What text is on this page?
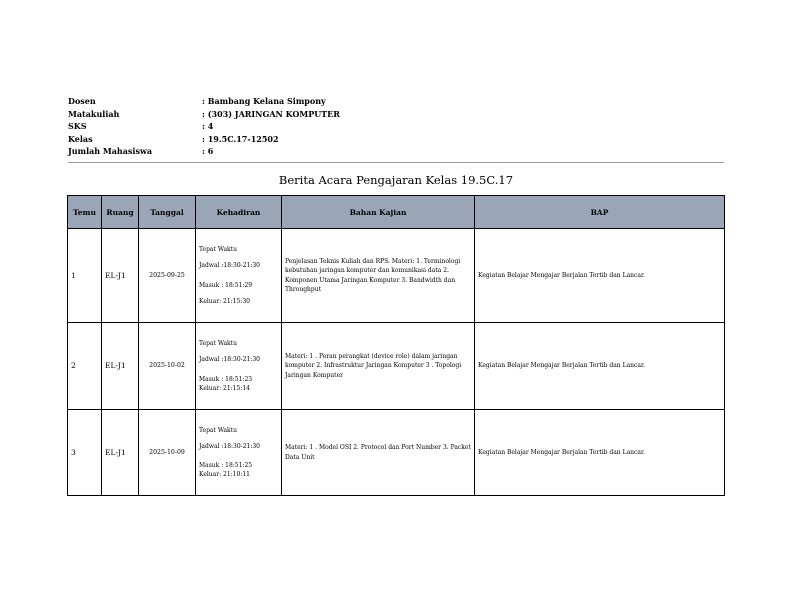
Dosen	: Bambang Kelana Simpony
Matakuliah	: (303) JARINGAN KOMPUTER
SKS	: 4
Kelas	: 19.5C.17-12502
Jumlah Mahasiswa	: 6
Berita Acara Pengajaran Kelas 19.5C.17
Temu	Ruang	Tanggal	Kehadiran	Bahan Kajian	BAP
1	EL-J1	2025-09-25	Tepat Waktu
Jadwal :18:30-21:30
Masuk : 18:51:29
Keluar: 21:15:30	Penjelasan Teknis Kuliah dan RPS. Materi: 1. Terminologi kebutuhan jaringan komputer dan komunikasi data 2. Komponen Utama Jaringan Komputer 3. Bandwidth dan Throughput	Kegiatan Belajar Mengajar Berjalan Tertib dan Lancar.
2	EL-J1	2025-10-02	Tepat Waktu
Jadwal :18:30-21:30
Masuk : 18:51:23
Keluar: 21:15:14	Materi: 1 . Peran perangkat (device role) dalam jaringan komputer 2. Infrastruktur Jaringan Komputer 3 . Topologi Jaringan Komputer	Kegiatan Belajar Mengajar Berjalan Tertib dan Lancar.
3	EL-J1	2025-10-09	Tepat Waktu
Jadwal :18:30-21:30
Masuk : 18:51:25
Keluar: 21:10:11	Materi: 1 . Model OSI 2. Protocol dan Port Number 3. Packet Data Unit	Kegiatan Belajar Mengajar Berjalan Tertib dan Lancar.
